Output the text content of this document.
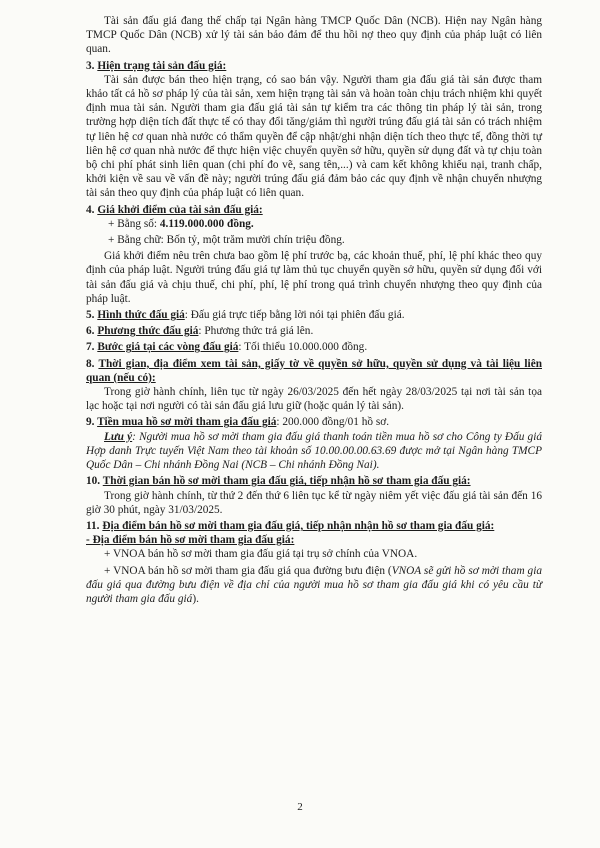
Tài sản đấu giá đang thế chấp tại Ngân hàng TMCP Quốc Dân (NCB). Hiện nay Ngân hàng TMCP Quốc Dân (NCB) xử lý tài sản bảo đảm để thu hồi nợ theo quy định của pháp luật có liên quan.

3. Hiện trạng tài sản đấu giá:

Tài sản được bán theo hiện trạng, có sao bán vậy. Người tham gia đấu giá tài sản được tham khảo tất cả hồ sơ pháp lý của tài sản, xem hiện trạng tài sản và hoàn toàn chịu trách nhiệm khi quyết định mua tài sản. Người tham gia đấu giá tài sản tự kiểm tra các thông tin pháp lý tài sản, trong trường hợp diện tích đất thực tế có thay đổi tăng/giảm thì người trúng đấu giá tài sản có trách nhiệm tự liên hệ cơ quan nhà nước có thẩm quyền để cập nhật/ghi nhận diện tích theo thực tế, đồng thời tự liên hệ cơ quan nhà nước để thực hiện việc chuyển quyền sở hữu, quyền sử dụng đất và tự chịu toàn bộ chi phí phát sinh liên quan (chi phí đo vẽ, sang tên,...) và cam kết không khiếu nại, tranh chấp, khởi kiện về sau về vấn đề này; người trúng đấu giá đảm bảo các quy định về nhận chuyển nhượng tài sản theo quy định của pháp luật có liên quan.

4. Giá khởi điểm của tài sản đấu giá:

+ Bằng số: 4.119.000.000 đồng.

+ Bằng chữ: Bốn tỷ, một trăm mười chín triệu đồng.

Giá khởi điểm nêu trên chưa bao gồm lệ phí trước bạ, các khoản thuế, phí, lệ phí khác theo quy định của pháp luật. Người trúng đấu giá tự làm thủ tục chuyển quyền sở hữu, quyền sử dụng đối với tài sản đấu giá và chịu thuế, chi phí, phí, lệ phí trong quá trình chuyển nhượng theo quy định của pháp luật.

5. Hình thức đấu giá: Đấu giá trực tiếp bằng lời nói tại phiên đấu giá.

6. Phương thức đấu giá: Phương thức trả giá lên.

7. Bước giá tại các vòng đấu giá: Tối thiểu 10.000.000 đồng.

8. Thời gian, địa điểm xem tài sản, giấy tờ về quyền sở hữu, quyền sử dụng và tài liệu liên quan (nếu có):

Trong giờ hành chính, liên tục từ ngày 26/03/2025 đến hết ngày 28/03/2025 tại nơi tài sản tọa lạc hoặc tại nơi người có tài sản đấu giá lưu giữ (hoặc quản lý tài sản).

9. Tiền mua hồ sơ mời tham gia đấu giá: 200.000 đồng/01 hồ sơ.

Lưu ý: Người mua hồ sơ mời tham gia đấu giá thanh toán tiền mua hồ sơ cho Công ty Đấu giá Hợp danh Trực tuyến Việt Nam theo tài khoản số 10.00.00.00.63.69 được mở tại Ngân hàng TMCP Quốc Dân – Chi nhánh Đồng Nai (NCB – Chi nhánh Đồng Nai).

10. Thời gian bán hồ sơ mời tham gia đấu giá, tiếp nhận hồ sơ tham gia đấu giá:

Trong giờ hành chính, từ thứ 2 đến thứ 6 liên tục kể từ ngày niêm yết việc đấu giá tài sản đến 16 giờ 30 phút, ngày 31/03/2025.

11. Địa điểm bán hồ sơ mời tham gia đấu giá, tiếp nhận nhận hồ sơ tham gia đấu giá:

- Địa điểm bán hồ sơ mời tham gia đấu giá:

+ VNOA bán hồ sơ mời tham gia đấu giá tại trụ sở chính của VNOA.

+ VNOA bán hồ sơ mời tham gia đấu giá qua đường bưu điện (VNOA sẽ gửi hồ sơ mời tham gia đấu giá qua đường bưu điện về địa chỉ của người mua hồ sơ tham gia đấu giá khi có yêu cầu từ người tham gia đấu giá).

2
